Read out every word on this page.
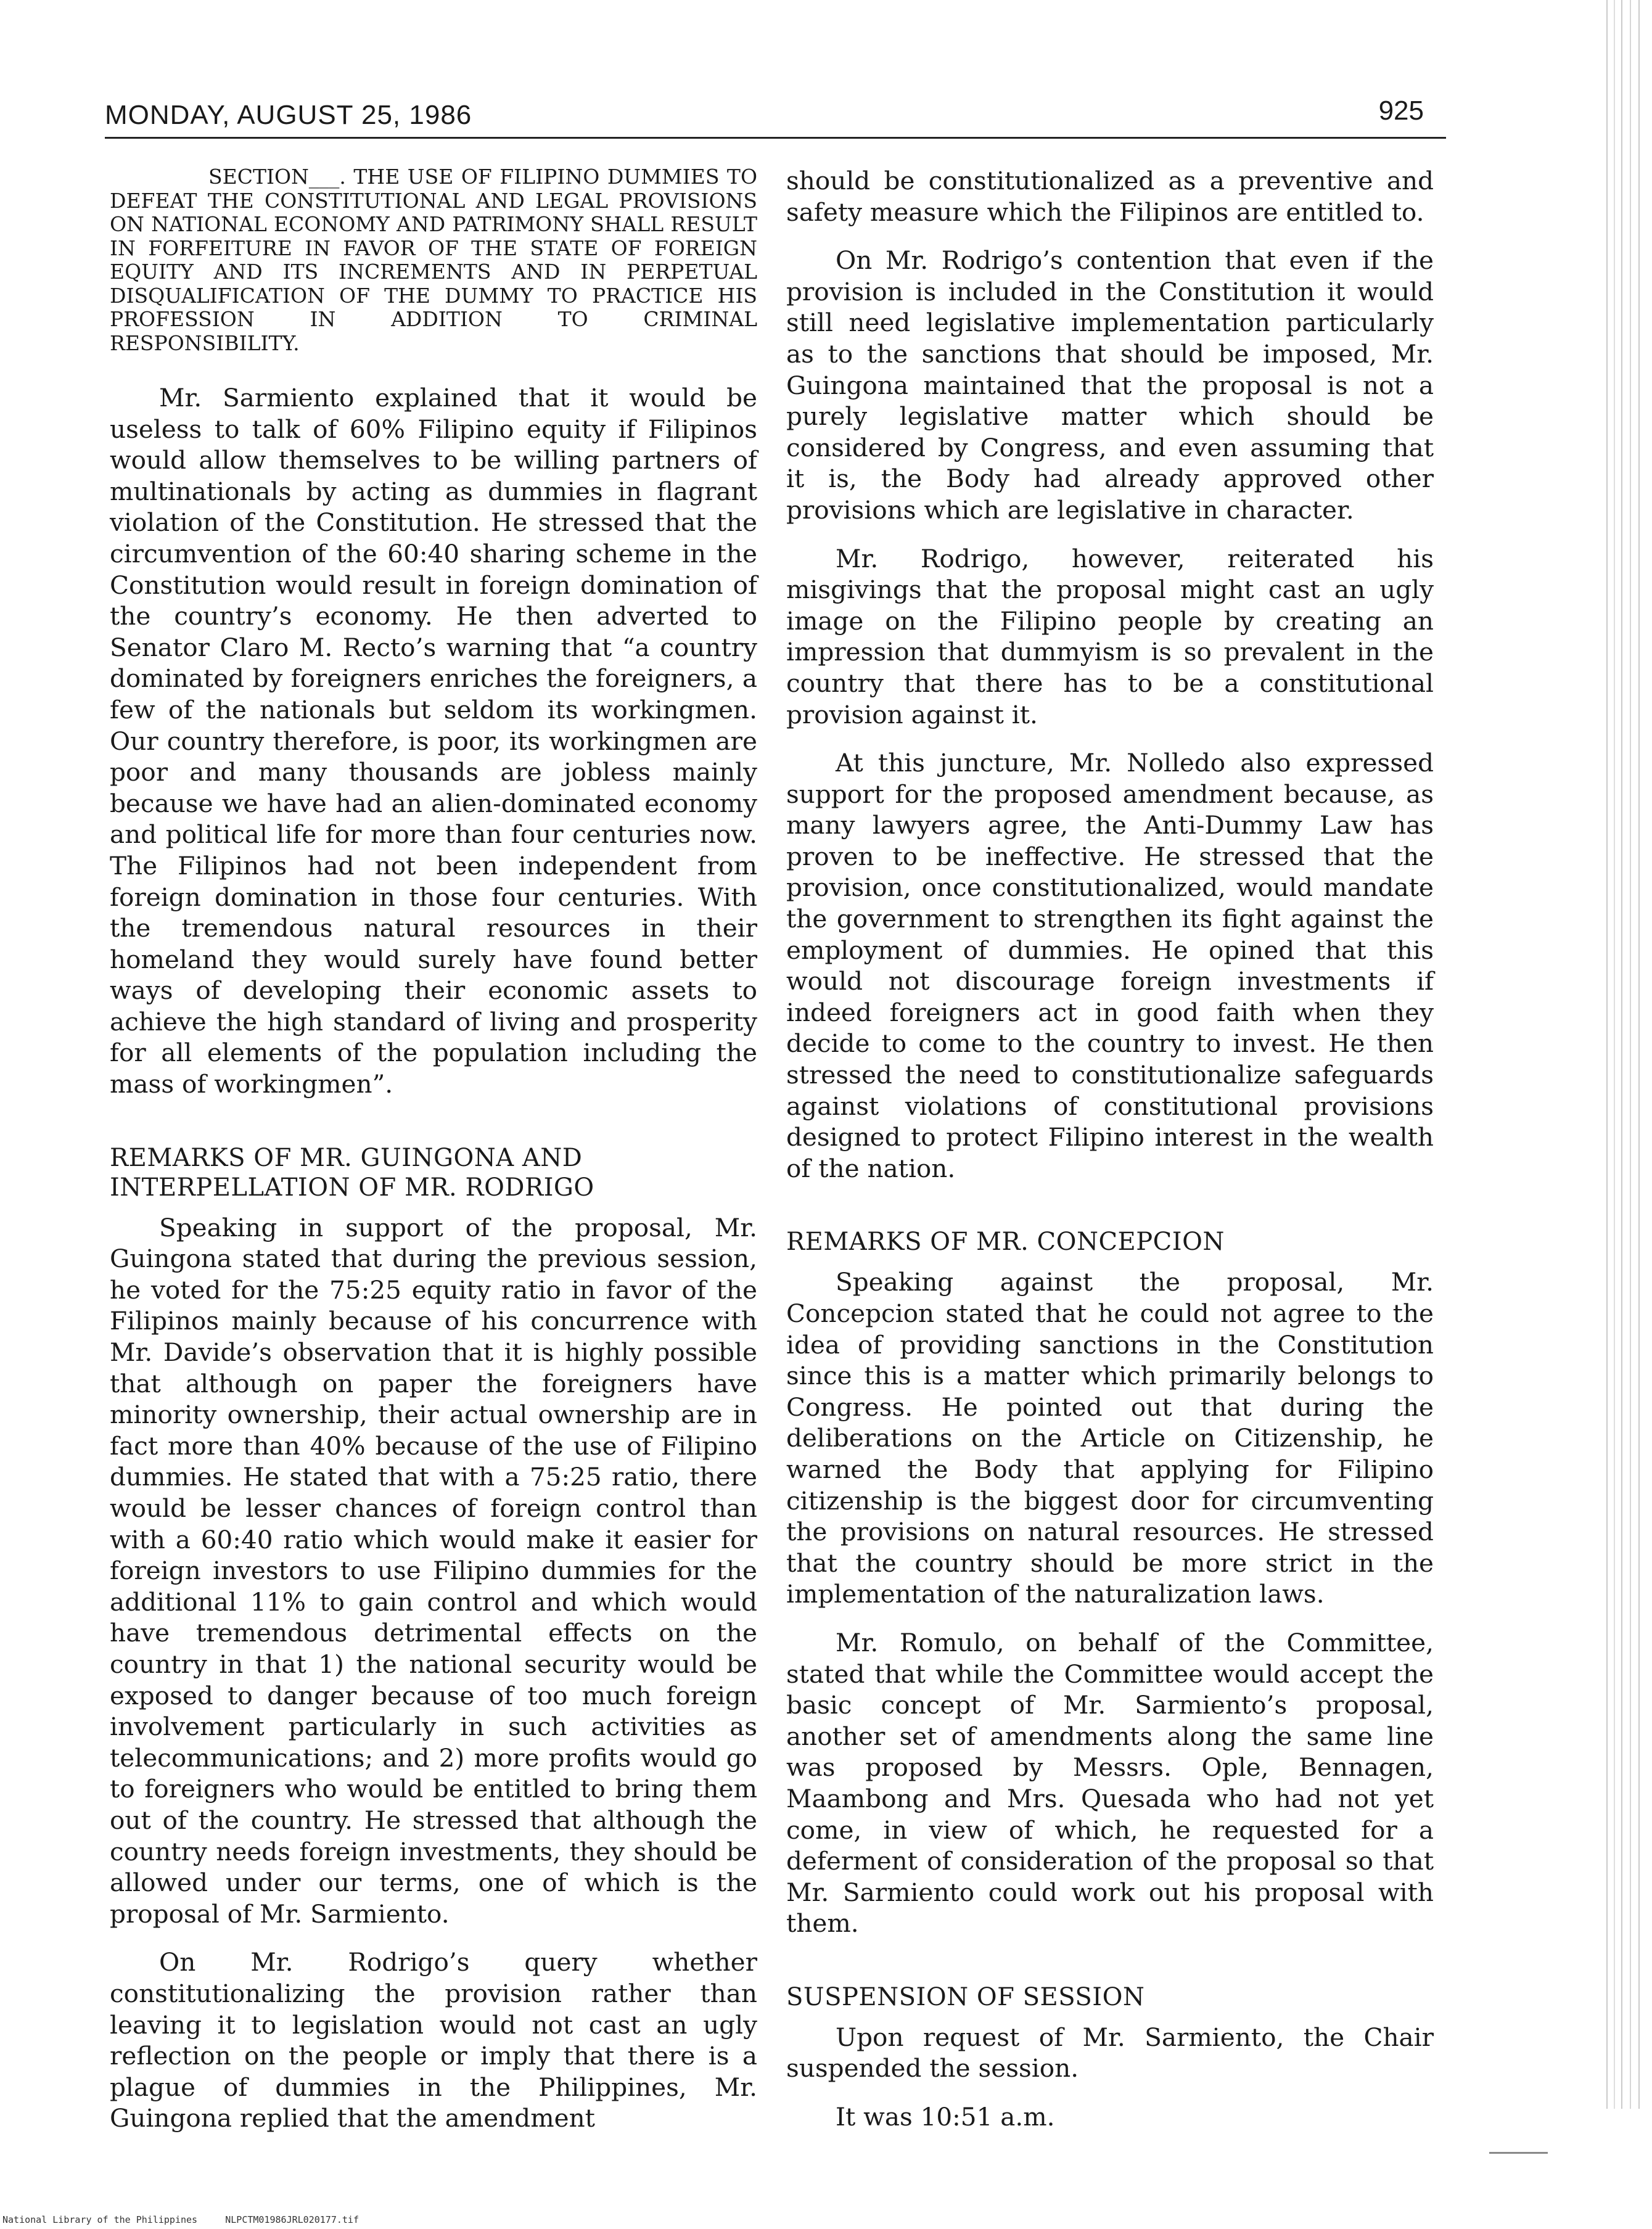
MONDAY, AUGUST 25, 1986	925

SECTION___. THE USE OF FILIPINO DUMMIES TO DEFEAT THE CONSTITUTIONAL AND LEGAL PROVISIONS ON NATIONAL ECONOMY AND PATRIMONY SHALL RESULT IN FORFEITURE IN FAVOR OF THE STATE OF FOREIGN EQUITY AND ITS INCREMENTS AND IN PERPETUAL DISQUALIFICATION OF THE DUMMY TO PRACTICE HIS PROFESSION IN ADDITION TO CRIMINAL RESPONSIBILITY.

Mr. Sarmiento explained that it would be useless to talk of 60% Filipino equity if Filipinos would allow themselves to be willing partners of multinationals by acting as dummies in flagrant violation of the Constitution. He stressed that the circumvention of the 60:40 sharing scheme in the Constitution would result in foreign domination of the country’s economy. He then adverted to Senator Claro M. Recto’s warning that “a country dominated by foreigners enriches the foreigners, a few of the nationals but seldom its workingmen. Our country therefore, is poor, its workingmen are poor and many thousands are jobless mainly because we have had an alien-dominated economy and political life for more than four centuries now. The Filipinos had not been independent from foreign domination in those four centuries. With the tremendous natural resources in their homeland they would surely have found better ways of developing their economic assets to achieve the high standard of living and prosperity for all elements of the population including the mass of workingmen”.

REMARKS OF MR. GUINGONA AND INTERPELLATION OF MR. RODRIGO

Speaking in support of the proposal, Mr. Guingona stated that during the previous session, he voted for the 75:25 equity ratio in favor of the Filipinos mainly because of his concurrence with Mr. Davide’s observation that it is highly possible that although on paper the foreigners have minority ownership, their actual ownership are in fact more than 40% because of the use of Filipino dummies. He stated that with a 75:25 ratio, there would be lesser chances of foreign control than with a 60:40 ratio which would make it easier for foreign investors to use Filipino dummies for the additional 11% to gain control and which would have tremendous detrimental effects on the country in that 1) the national security would be exposed to danger because of too much foreign involvement particularly in such activities as telecommunications; and 2) more profits would go to foreigners who would be entitled to bring them out of the country. He stressed that although the country needs foreign investments, they should be allowed under our terms, one of which is the proposal of Mr. Sarmiento.

On Mr. Rodrigo’s query whether constitutionalizing the provision rather than leaving it to legislation would not cast an ugly reflection on the people or imply that there is a plague of dummies in the Philippines, Mr. Guingona replied that the amendment

should be constitutionalized as a preventive and safety measure which the Filipinos are entitled to.

On Mr. Rodrigo’s contention that even if the provision is included in the Constitution it would still need legislative implementation particularly as to the sanctions that should be imposed, Mr. Guingona maintained that the proposal is not a purely legislative matter which should be considered by Congress, and even assuming that it is, the Body had already approved other provisions which are legislative in character.

Mr. Rodrigo, however, reiterated his misgivings that the proposal might cast an ugly image on the Filipino people by creating an impression that dummyism is so prevalent in the country that there has to be a constitutional provision against it.

At this juncture, Mr. Nolledo also expressed support for the proposed amendment because, as many lawyers agree, the Anti-Dummy Law has proven to be ineffective. He stressed that the provision, once constitutionalized, would mandate the government to strengthen its fight against the employment of dummies. He opined that this would not discourage foreign investments if indeed foreigners act in good faith when they decide to come to the country to invest. He then stressed the need to constitutionalize safeguards against violations of constitutional provisions designed to protect Filipino interest in the wealth of the nation.

REMARKS OF MR. CONCEPCION

Speaking against the proposal, Mr. Concepcion stated that he could not agree to the idea of providing sanctions in the Constitution since this is a matter which primarily belongs to Congress. He pointed out that during the deliberations on the Article on Citizenship, he warned the Body that applying for Filipino citizenship is the biggest door for circumventing the provisions on natural resources. He stressed that the country should be more strict in the implementation of the naturalization laws.

Mr. Romulo, on behalf of the Committee, stated that while the Committee would accept the basic concept of Mr. Sarmiento’s proposal, another set of amendments along the same line was proposed by Messrs. Ople, Bennagen, Maambong and Mrs. Quesada who had not yet come, in view of which, he requested for a deferment of consideration of the proposal so that Mr. Sarmiento could work out his proposal with them.

SUSPENSION OF SESSION

Upon request of Mr. Sarmiento, the Chair suspended the session.

It was 10:51 a.m.

National Library of the Philippines     NLPCTM01986JRL020177.tif
